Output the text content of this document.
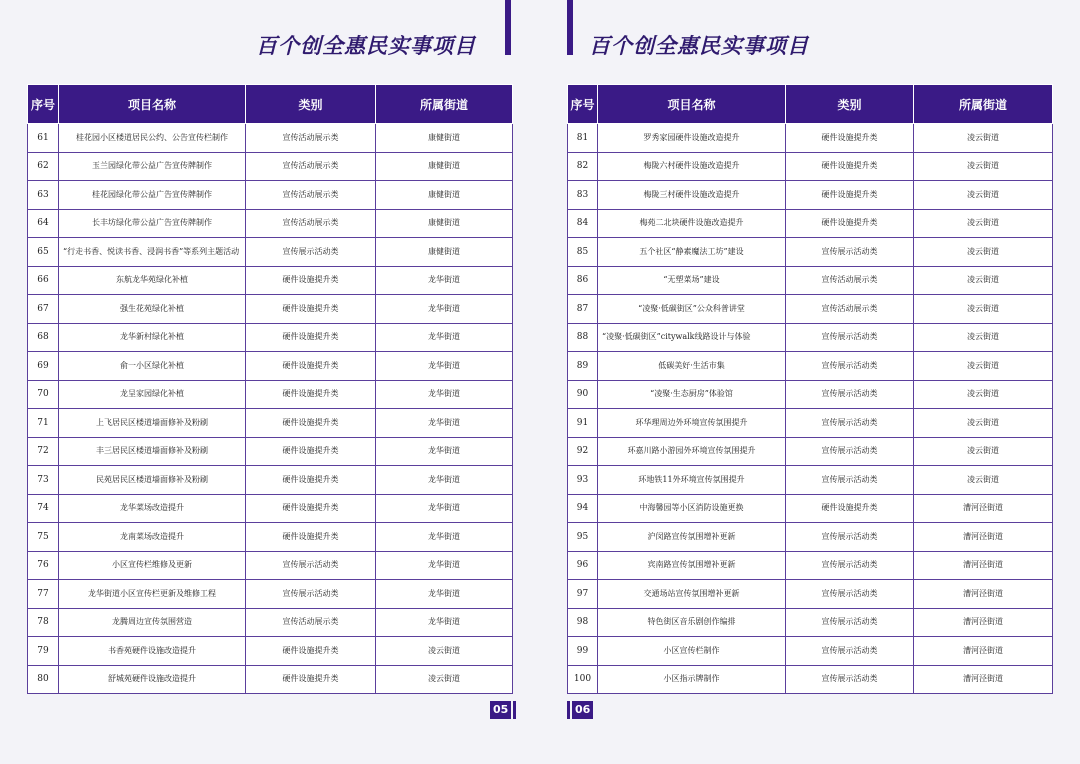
百个创全惠民实事项目
序号	项目名称	类别	所属街道
61	桂花园小区楼道居民公约、公告宣传栏制作	宣传活动展示类	康健街道
62	玉兰园绿化带公益广告宣传牌制作	宣传活动展示类	康健街道
63	桂花园绿化带公益广告宣传牌制作	宣传活动展示类	康健街道
64	长丰坊绿化带公益广告宣传牌制作	宣传活动展示类	康健街道
65	“行走书香、悦读书香、浸润书香”等系列主题活动	宣传展示活动类	康健街道
66	东航龙华苑绿化补植	硬件设施提升类	龙华街道
67	强生花苑绿化补植	硬件设施提升类	龙华街道
68	龙华新村绿化补植	硬件设施提升类	龙华街道
69	俞一小区绿化补植	硬件设施提升类	龙华街道
70	龙呈家园绿化补植	硬件设施提升类	龙华街道
71	上飞居民区楼道墙面修补及粉刷	硬件设施提升类	龙华街道
72	丰三居民区楼道墙面修补及粉刷	硬件设施提升类	龙华街道
73	民苑居民区楼道墙面修补及粉刷	硬件设施提升类	龙华街道
74	龙华菜场改造提升	硬件设施提升类	龙华街道
75	龙南菜场改造提升	硬件设施提升类	龙华街道
76	小区宣传栏维修及更新	宣传展示活动类	龙华街道
77	龙华街道小区宣传栏更新及维修工程	宣传展示活动类	龙华街道
78	龙腾周边宣传氛围营造	宣传活动展示类	龙华街道
79	书香苑硬件设施改造提升	硬件设施提升类	凌云街道
80	舒城苑硬件设施改造提升	硬件设施提升类	凌云街道
05
百个创全惠民实事项目
序号	项目名称	类别	所属街道
81	罗秀家园硬件设施改造提升	硬件设施提升类	凌云街道
82	梅陇六村硬件设施改造提升	硬件设施提升类	凌云街道
83	梅陇三村硬件设施改造提升	硬件设施提升类	凌云街道
84	梅苑二北块硬件设施改造提升	硬件设施提升类	凌云街道
85	五个社区“静素魔法工坊”建设	宣传展示活动类	凌云街道
86	“无塑菜场”建设	宣传活动展示类	凌云街道
87	“凌聚·低碳街区”公众科普讲堂	宣传活动展示类	凌云街道
88	“凌聚·低碳街区”citywalk线路设计与体验	宣传展示活动类	凌云街道
89	低碳美好·生活市集	宣传展示活动类	凌云街道
90	“凌聚·生态厨房”体验馆	宣传展示活动类	凌云街道
91	环华理周边外环境宣传氛围提升	宣传展示活动类	凌云街道
92	环嘉川路小游园外环境宣传氛围提升	宣传展示活动类	凌云街道
93	环地铁11外环境宣传氛围提升	宣传展示活动类	凌云街道
94	中海馨园等小区消防设施更换	硬件设施提升类	漕河泾街道
95	沪闵路宣传氛围增补更新	宣传展示活动类	漕河泾街道
96	宾南路宣传氛围增补更新	宣传展示活动类	漕河泾街道
97	交通场站宣传氛围增补更新	宣传展示活动类	漕河泾街道
98	特色街区音乐剧创作编排	宣传展示活动类	漕河泾街道
99	小区宣传栏制作	宣传展示活动类	漕河泾街道
100	小区指示牌制作	宣传展示活动类	漕河泾街道
06
